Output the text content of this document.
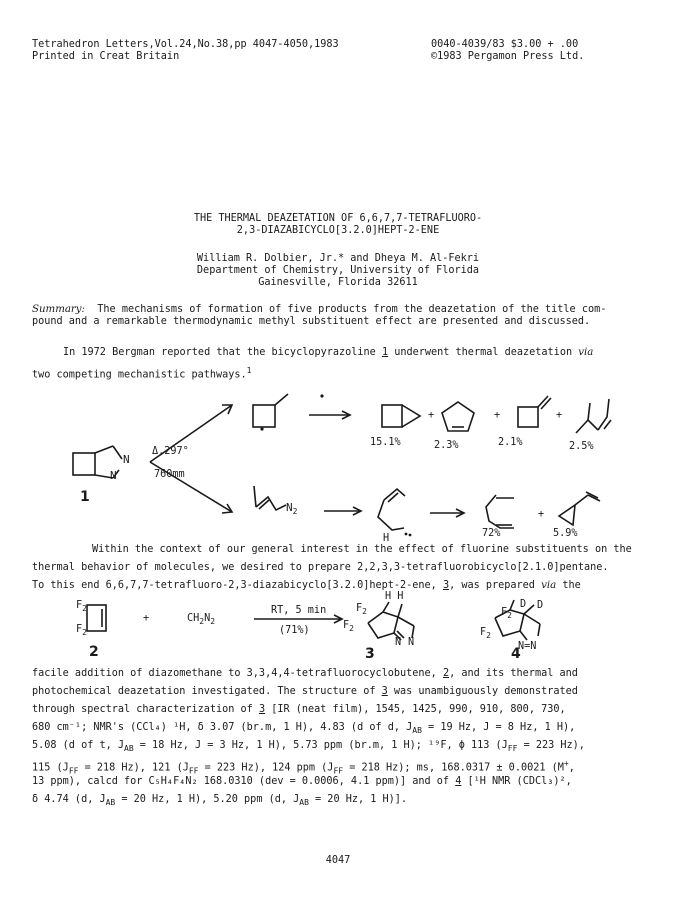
Tetrahedron Letters,Vol.24,No.38,pp 4047-4050,1983	0040-4039/83 $3.00 + .00
Printed in Creat Britain	©1983 Pergamon Press Ltd.
THE THERMAL DEAZETATION OF 6,6,7,7-TETRAFLUORO-
2,3-DIAZABICYCLO[3.2.0]HEPT-2-ENE
William R. Dolbier, Jr.* and Dheya M. Al-Fekri
Department of Chemistry, University of Florida
Gainesville, Florida 32611
Summary: The mechanisms of formation of five products from the deazetation of the title com-
pound and a remarkable thermodynamic methyl substituent effect are presented and discussed.
In 1972 Bergman reported that the bicyclopyrazoline 1 underwent thermal deazetation via
two competing mechanistic pathways.$^1$
N
N
1
Δ,297°
760mm
+	+	+
+
$N_2$
H
15.1%	2.3%	2.1%	2.5%
72%	5.9%
Within the context of our general interest in the effect of fluorine substituents on the
thermal behavior of molecules, we desired to prepare 2,2,3,3-tetrafluorobicyclo[2.1.0]pentane.
To this end 6,6,7,7-tetrafluoro-2,3-diazabicyclo[3.2.0]hept-2-ene, 3, was prepared via the
$F_2$
$F_2$
+	$CH_2N_2$
RT, 5 min
(71%)
H H
$F_2$
$F_2$
N N
$F_2$
$F_2$
D D
N=N
2	3	4
facile addition of diazomethane to 3,3,4,4-tetrafluorocyclobutene, 2, and its thermal and
photochemical deazetation investigated. The structure of 3 was unambiguously demonstrated
through spectral characterization of 3 [IR (neat film), 1545, 1425, 990, 910, 800, 730,
680 cm⁻¹; NMR's (CCl₄) ¹H, δ 3.07 (br.m, 1 H), 4.83 (d of d, $J_{AB} = 19$ Hz, J = 8 Hz, 1 H),
5.08 (d of t, $J_{AB} = 18$ Hz, J = 3 Hz, 1 H), 5.73 ppm (br.m, 1 H); ¹⁹F, ϕ 113 ($J_{FF} = 223$ Hz),
115 ($J_{FF} = 218$ Hz), 121 ($J_{FF} = 223$ Hz), 124 ppm ($J_{FF} = 218$ Hz); ms, 168.0317 ± 0.0021 (M+,
13 ppm), calcd for C₅H₄F₄N₂ 168.0310 (dev = 0.0006, 4.1 ppm)] and of 4 [¹H NMR (CDCl₃)²,
δ 4.74 (d, $J_{AB} = 20$ Hz, 1 H), 5.20 ppm (d, $J_{AB} = 20$ Hz, 1 H)].
4047
